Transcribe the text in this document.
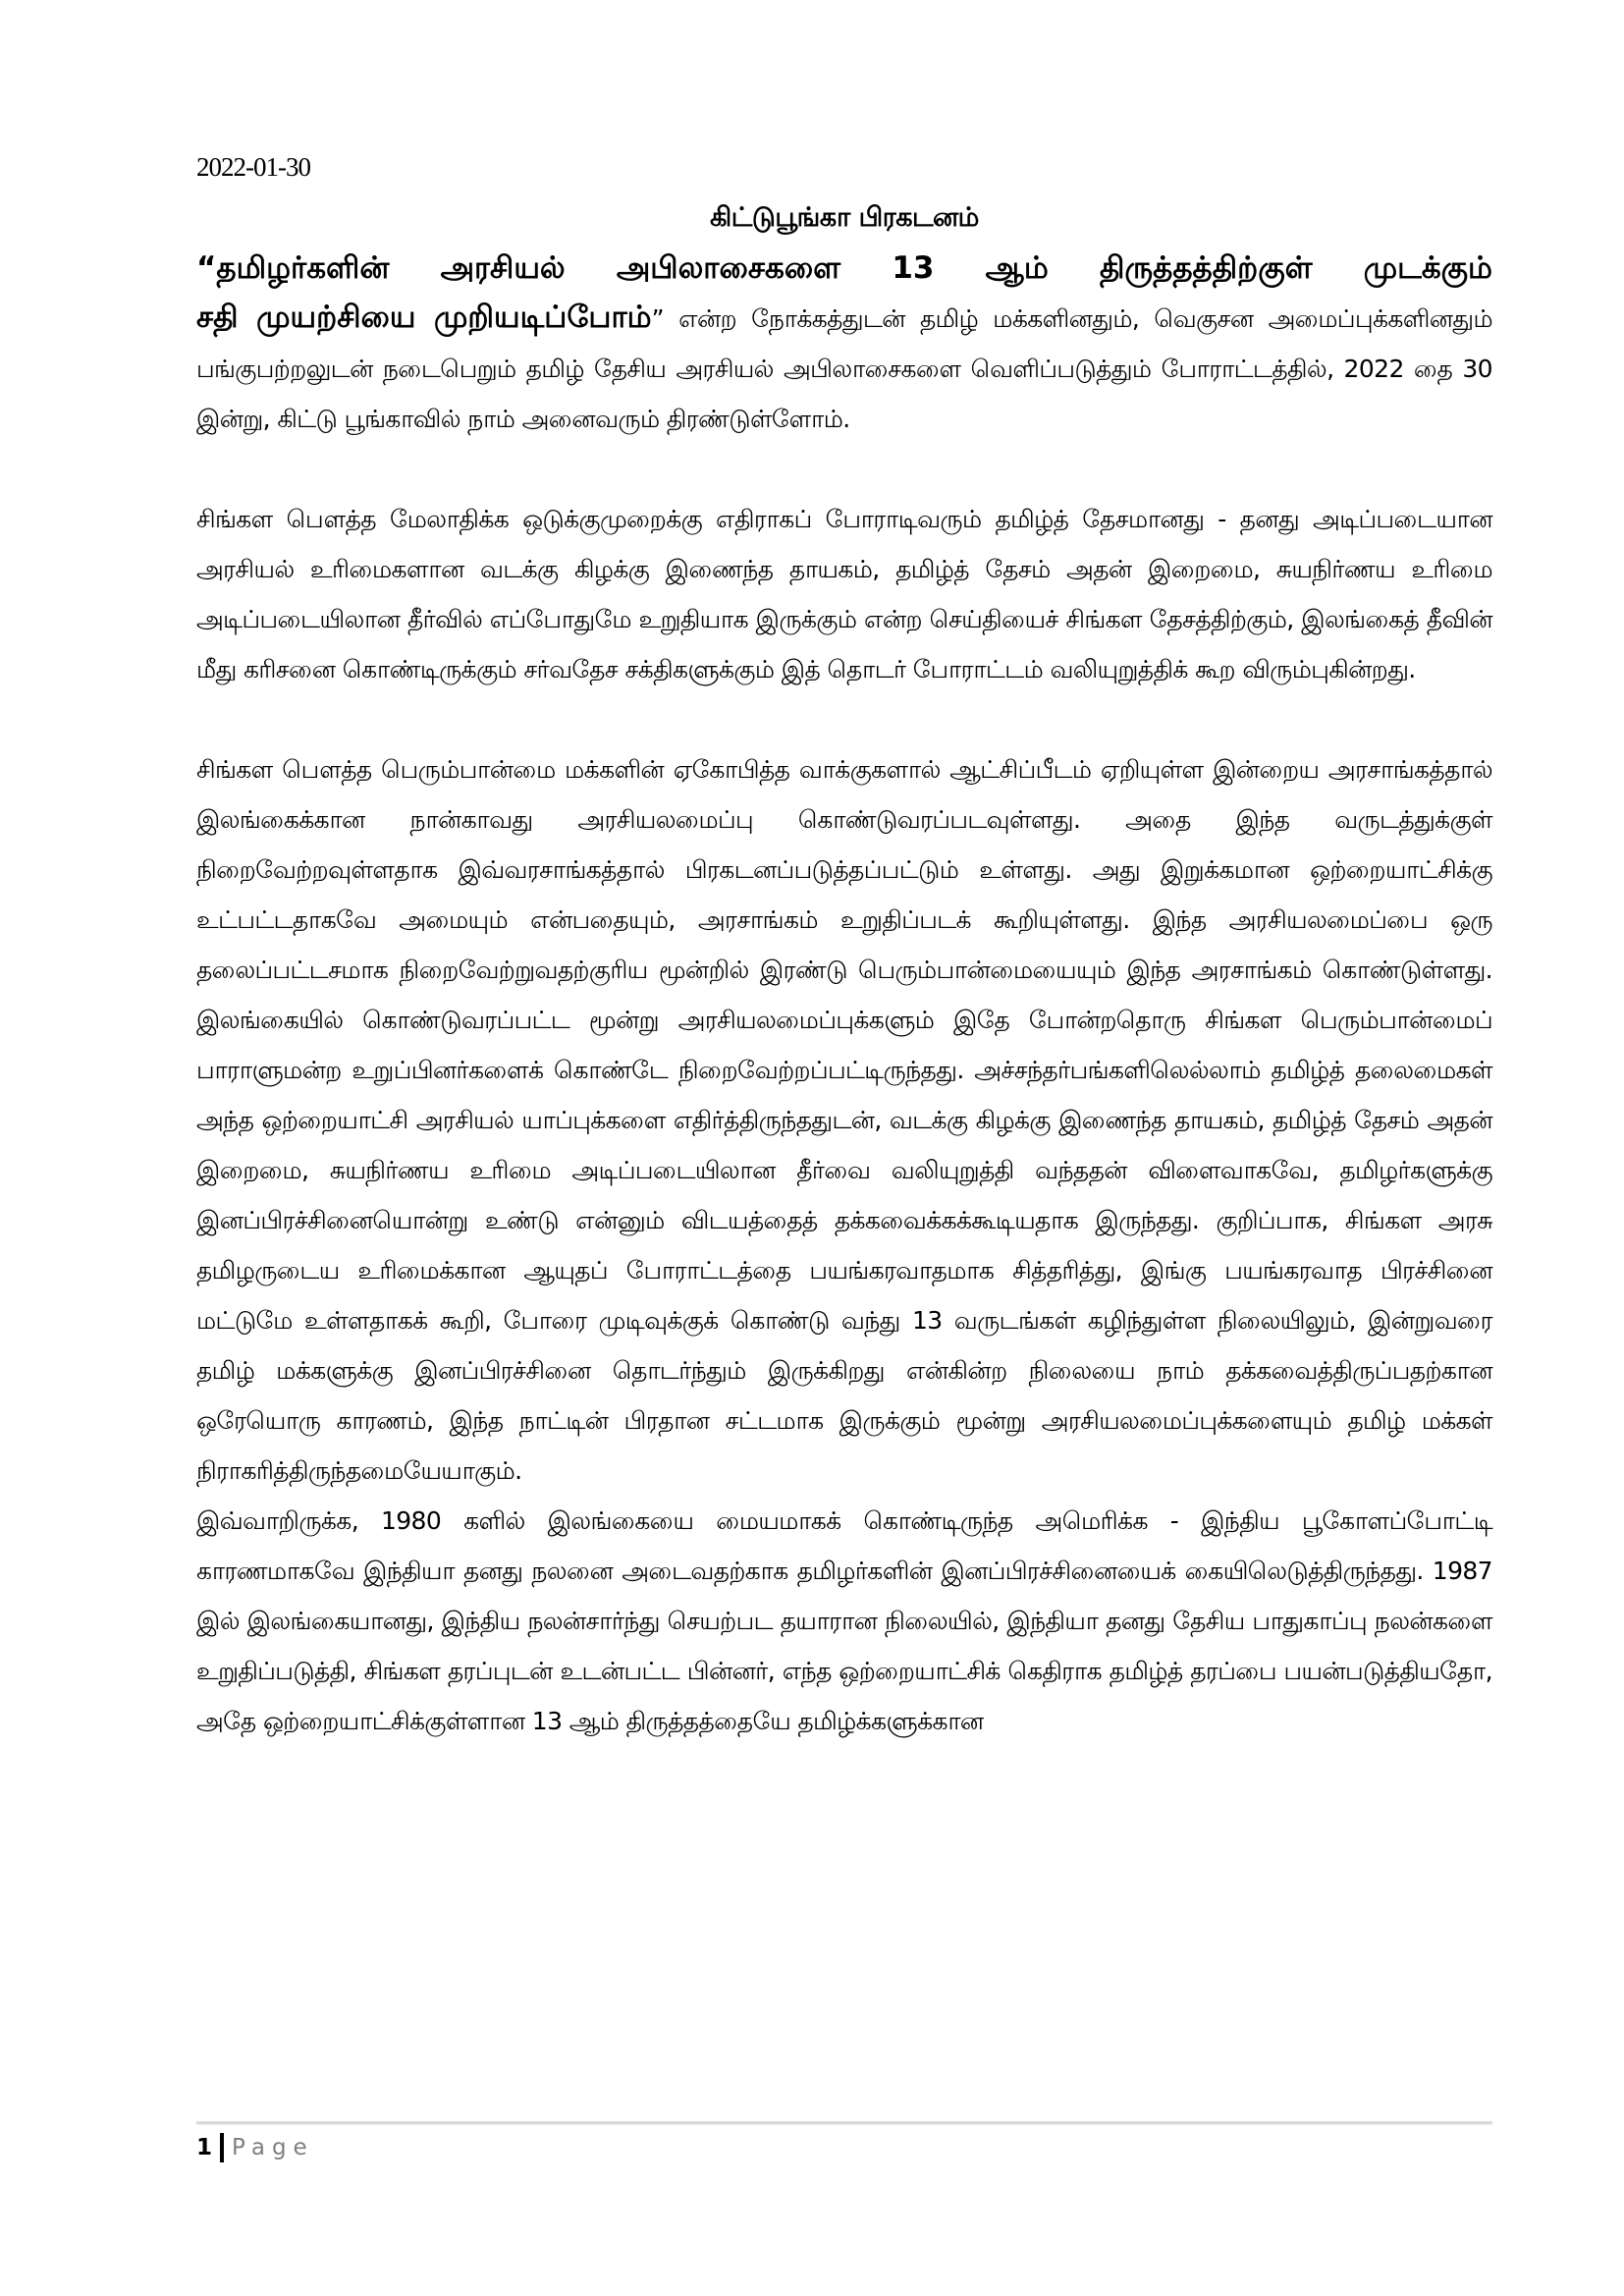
2022-01-30
கிட்டுபூங்கா பிரகடனம்
“தமிழர்களின் அரசியல் அபிலாசைகளை 13 ஆம் திருத்தத்திற்குள் முடக்கும்
சதி முயற்சியை முறியடிப்போம்” என்ற நோக்கத்துடன் தமிழ் மக்களினதும், வெகுசன அமைப்புக்களினதும் பங்குபற்றலுடன் நடைபெறும் தமிழ் தேசிய அரசியல் அபிலாசைகளை வெளிப்படுத்தும் போராட்டத்தில், 2022 தை 30 இன்று, கிட்டு பூங்காவில் நாம் அனைவரும் திரண்டுள்ளோம்.

சிங்கள பௌத்த மேலாதிக்க ஒடுக்குமுறைக்கு எதிராகப் போராடிவரும் தமிழ்த் தேசமானது - தனது அடிப்படையான அரசியல் உரிமைகளான வடக்கு கிழக்கு இணைந்த தாயகம், தமிழ்த் தேசம் அதன் இறைமை, சுயநிர்ணய உரிமை அடிப்படையிலான தீர்வில் எப்போதுமே உறுதியாக இருக்கும் என்ற செய்தியைச் சிங்கள தேசத்திற்கும், இலங்கைத் தீவின் மீது கரிசனை கொண்டிருக்கும் சர்வதேச சக்திகளுக்கும் இத் தொடர் போராட்டம் வலியுறுத்திக் கூற விரும்புகின்றது.

சிங்கள பௌத்த பெரும்பான்மை மக்களின் ஏகோபித்த வாக்குகளால் ஆட்சிப்பீடம் ஏறியுள்ள இன்றைய அரசாங்கத்தால் இலங்கைக்கான நான்காவது அரசியலமைப்பு கொண்டுவரப்படவுள்ளது. அதை இந்த வருடத்துக்குள் நிறைவேற்றவுள்ளதாக இவ்வரசாங்கத்தால் பிரகடனப்படுத்தப்பட்டும் உள்ளது. அது இறுக்கமான ஒற்றையாட்சிக்கு உட்பட்டதாகவே அமையும் என்பதையும், அரசாங்கம் உறுதிப்படக் கூறியுள்ளது. இந்த அரசியலமைப்பை ஒரு தலைப்பட்டசமாக நிறைவேற்றுவதற்குரிய மூன்றில் இரண்டு பெரும்பான்மையையும் இந்த அரசாங்கம் கொண்டுள்ளது. இலங்கையில் கொண்டுவரப்பட்ட மூன்று அரசியலமைப்புக்களும் இதே போன்றதொரு சிங்கள பெரும்பான்மைப் பாராளுமன்ற உறுப்பினர்களைக் கொண்டே நிறைவேற்றப்பட்டிருந்தது. அச்சந்தர்பங்களிலெல்லாம் தமிழ்த் தலைமைகள் அந்த ஒற்றையாட்சி அரசியல் யாப்புக்களை எதிர்த்திருந்ததுடன், வடக்கு கிழக்கு இணைந்த தாயகம், தமிழ்த் தேசம் அதன் இறைமை, சுயநிர்ணய உரிமை அடிப்படையிலான தீர்வை வலியுறுத்தி வந்ததன் விளைவாகவே, தமிழர்களுக்கு இனப்பிரச்சினையொன்று உண்டு என்னும் விடயத்தைத் தக்கவைக்கக்கூடியதாக இருந்தது. குறிப்பாக, சிங்கள அரசு தமிழருடைய உரிமைக்கான ஆயுதப் போராட்டத்தை பயங்கரவாதமாக சித்தரித்து, இங்கு பயங்கரவாத பிரச்சினை மட்டுமே உள்ளதாகக் கூறி, போரை முடிவுக்குக் கொண்டு வந்து 13 வருடங்கள் கழிந்துள்ள நிலையிலும், இன்றுவரை தமிழ் மக்களுக்கு இனப்பிரச்சினை தொடர்ந்தும் இருக்கிறது என்கின்ற நிலையை நாம் தக்கவைத்திருப்பதற்கான ஒரேயொரு காரணம், இந்த நாட்டின் பிரதான சட்டமாக இருக்கும் மூன்று அரசியலமைப்புக்களையும் தமிழ் மக்கள் நிராகரித்திருந்தமையேயாகும்.

இவ்வாறிருக்க, 1980 களில் இலங்கையை மையமாகக் கொண்டிருந்த அமெரிக்க - இந்திய பூகோளப்போட்டி காரணமாகவே இந்தியா தனது நலனை அடைவதற்காக தமிழர்களின் இனப்பிரச்சினையைக் கையிலெடுத்திருந்தது. 1987 இல் இலங்கையானது, இந்திய நலன்சார்ந்து செயற்பட தயாரான நிலையில், இந்தியா தனது தேசிய பாதுகாப்பு நலன்களை உறுதிப்படுத்தி, சிங்கள தரப்புடன் உடன்பட்ட பின்னர், எந்த ஒற்றையாட்சிக் கெதிராக தமிழ்த் தரப்பை பயன்படுத்தியதோ, அதே ஒற்றையாட்சிக்குள்ளான 13 ஆம் திருத்தத்தையே தமிழ்க்களுக்கான

1 Page
